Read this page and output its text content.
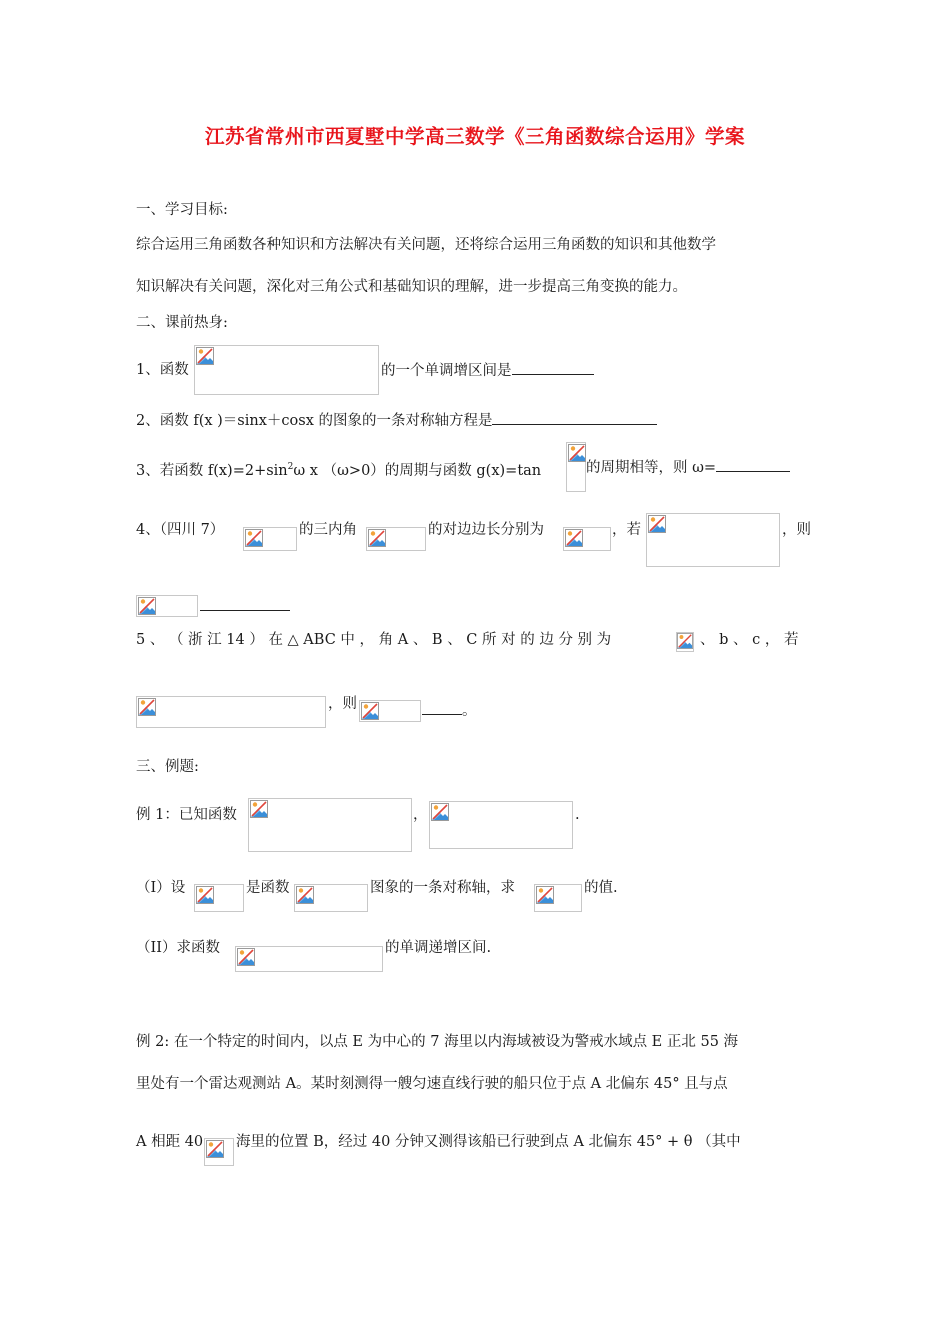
江苏省常州市西夏墅中学高三数学《三角函数综合运用》学案
一、学习目标:
综合运用三角函数各种知识和方法解决有关问题，还将综合运用三角函数的知识和其他数学
知识解决有关问题，深化对三角公式和基础知识的理解，进一步提高三角变换的能力。
二、课前热身:
1、函数	的一个单调增区间是
2、函数 f(x )＝sinx＋cosx 的图象的一条对称轴方程是
3、若函数 $f(x)=2+\sin^2\omega$ x （ω>0）的周期与函数 g(x)=tan	的周期相等，则 ω=
4、（四川 7）	的三内角	的对边边长分别为	，若	，则
5 、 （ 浙 江 14 ） 在 △ ABC 中 ， 角 A 、 B 、 C 所 对 的 边 分 别 为	、 b 、 c ， 若
，则	。
三、例题:
例 1：已知函数	，	.
（I）设	是函数	图象的一条对称轴，求	的值.
（II）求函数	的单调递增区间.
例 2: 在一个特定的时间内，以点 E 为中心的 7 海里以内海域被设为警戒水域点 E 正北 55 海
里处有一个雷达观测站 A。某时刻测得一艘匀速直线行驶的船只位于点 A 北偏东 45° 且与点
A 相距 40 海里的位置 B，经过 40 分钟又测得该船已行驶到点 A 北偏东 45° + θ （其中
